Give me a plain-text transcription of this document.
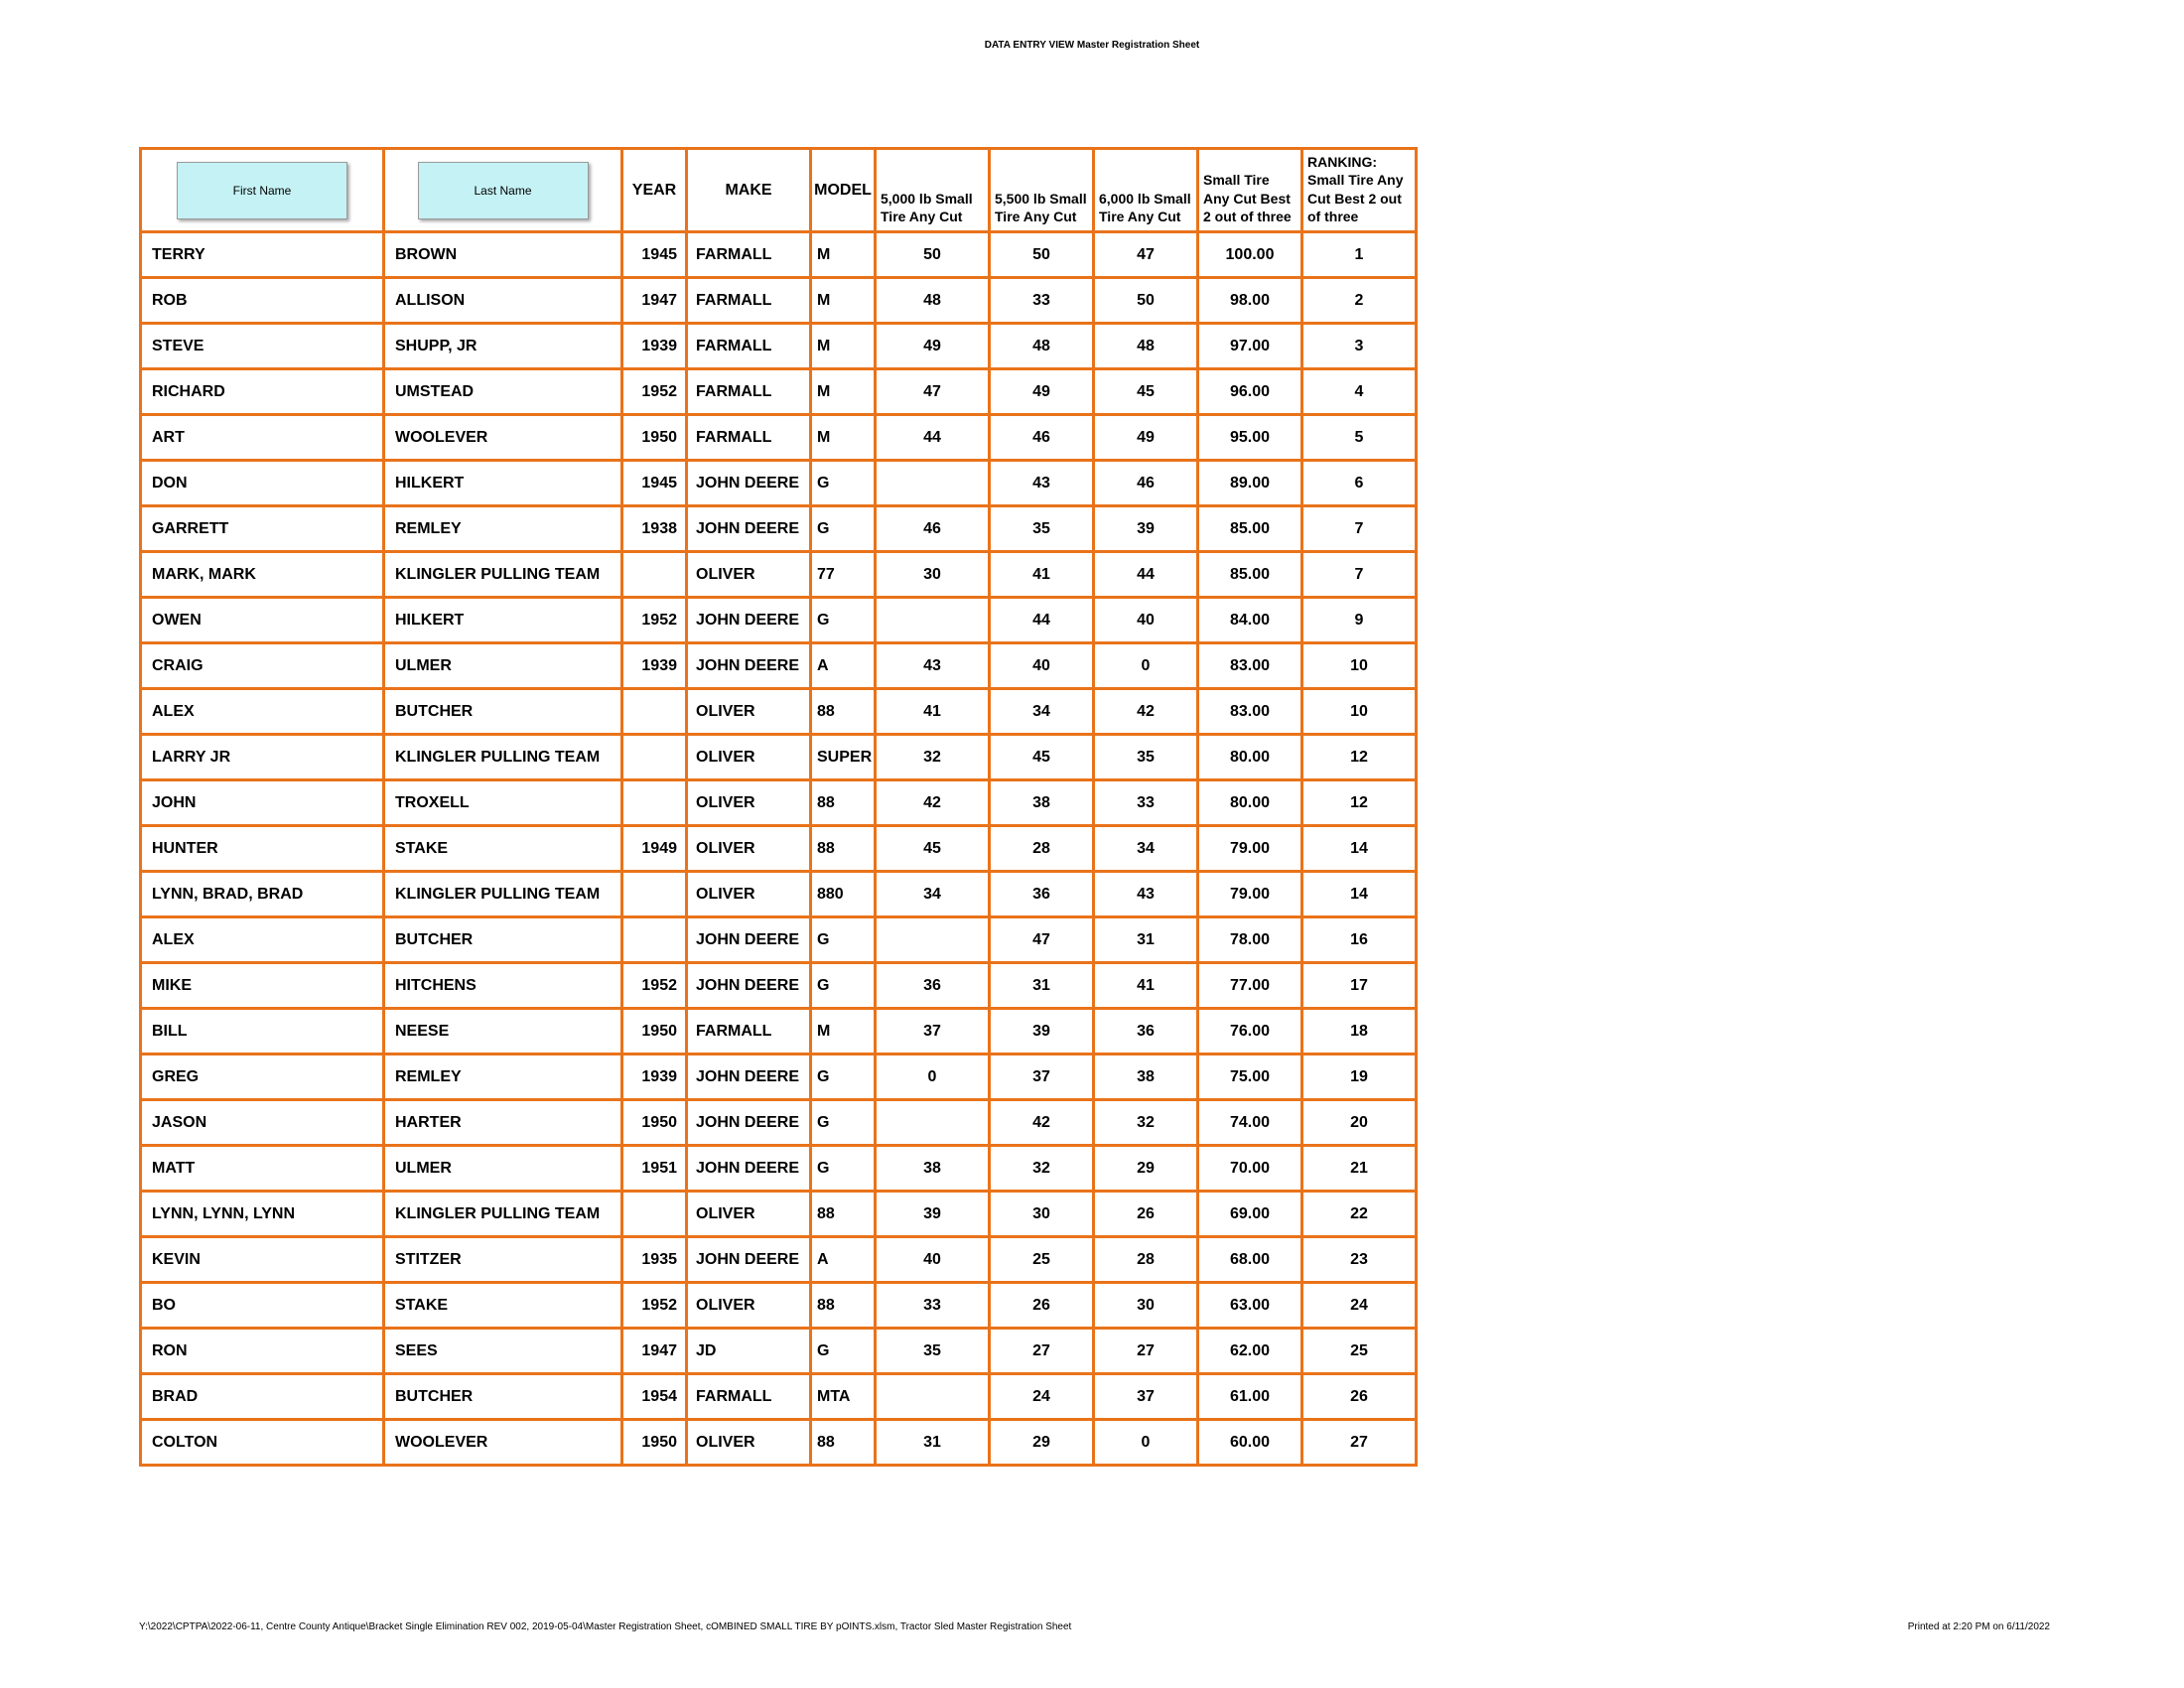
DATA ENTRY VIEW Master Registration Sheet
First Name	Last Name	YEAR	MAKE	MODEL	5,000 lb Small Tire Any Cut	5,500 lb Small Tire Any Cut	6,000 lb Small Tire Any Cut	Small Tire Any Cut Best 2 out of three	RANKING: Small Tire Any Cut Best 2 out of three
TERRY	BROWN	1945	FARMALL	M	50	50	47	100.00	1
ROB	ALLISON	1947	FARMALL	M	48	33	50	98.00	2
STEVE	SHUPP, JR	1939	FARMALL	M	49	48	48	97.00	3
RICHARD	UMSTEAD	1952	FARMALL	M	47	49	45	96.00	4
ART	WOOLEVER	1950	FARMALL	M	44	46	49	95.00	5
DON	HILKERT	1945	JOHN DEERE	G		43	46	89.00	6
GARRETT	REMLEY	1938	JOHN DEERE	G	46	35	39	85.00	7
MARK, MARK	KLINGLER PULLING TEAM		OLIVER	77	30	41	44	85.00	7
OWEN	HILKERT	1952	JOHN DEERE	G		44	40	84.00	9
CRAIG	ULMER	1939	JOHN DEERE	A	43	40	0	83.00	10
ALEX	BUTCHER		OLIVER	88	41	34	42	83.00	10
LARRY JR	KLINGLER PULLING TEAM		OLIVER	SUPER	32	45	35	80.00	12
JOHN	TROXELL		OLIVER	88	42	38	33	80.00	12
HUNTER	STAKE	1949	OLIVER	88	45	28	34	79.00	14
LYNN, BRAD, BRAD	KLINGLER PULLING TEAM		OLIVER	880	34	36	43	79.00	14
ALEX	BUTCHER		JOHN DEERE	G		47	31	78.00	16
MIKE	HITCHENS	1952	JOHN DEERE	G	36	31	41	77.00	17
BILL	NEESE	1950	FARMALL	M	37	39	36	76.00	18
GREG	REMLEY	1939	JOHN DEERE	G	0	37	38	75.00	19
JASON	HARTER	1950	JOHN DEERE	G		42	32	74.00	20
MATT	ULMER	1951	JOHN DEERE	G	38	32	29	70.00	21
LYNN, LYNN, LYNN	KLINGLER PULLING TEAM		OLIVER	88	39	30	26	69.00	22
KEVIN	STITZER	1935	JOHN DEERE	A	40	25	28	68.00	23
BO	STAKE	1952	OLIVER	88	33	26	30	63.00	24
RON	SEES	1947	JD	G	35	27	27	62.00	25
BRAD	BUTCHER	1954	FARMALL	MTA		24	37	61.00	26
COLTON	WOOLEVER	1950	OLIVER	88	31	29	0	60.00	27
Y:\2022\CPTPA\2022-06-11, Centre County Antique\Bracket Single Elimination REV 002, 2019-05-04\Master Registration Sheet, cOMBINED SMALL TIRE BY pOINTS.xlsm, Tractor Sled Master Registration Sheet	Printed at 2:20 PM on 6/11/2022
